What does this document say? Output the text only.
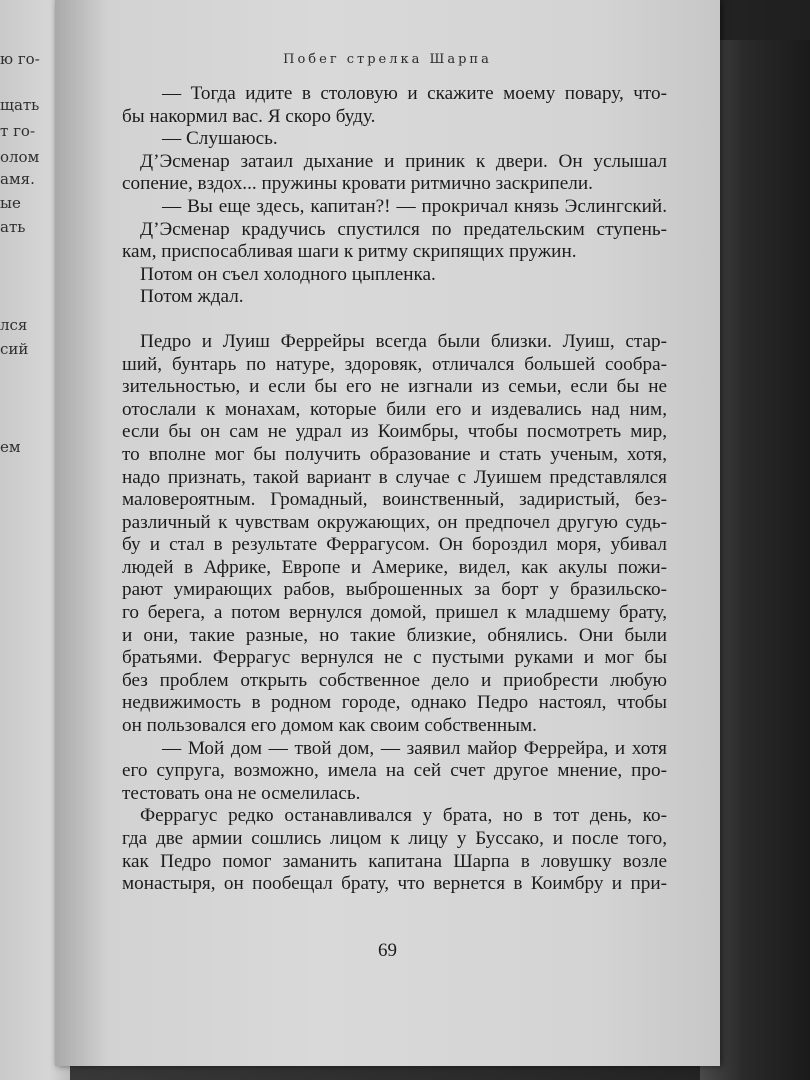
ю го-
щать
т го-
олом
амя.
ые
ать
лся
сий
ем
Побег стрелка Шарпа
— Тогда идите в столовую и скажите моему повару, что-
бы накормил вас. Я скоро буду.
— Слушаюсь.
Д’Эсменар затаил дыхание и приник к двери. Он услышал
сопение, вздох... пружины кровати ритмично заскрипели.
— Вы еще здесь, капитан?! — прокричал князь Эслингский.
Д’Эсменар крадучись спустился по предательским ступень-
кам, приспосабливая шаги к ритму скрипящих пружин.
Потом он съел холодного цыпленка.
Потом ждал.
Педро и Луиш Феррейры всегда были близки. Луиш, стар-
ший, бунтарь по натуре, здоровяк, отличался большей сообра-
зительностью, и если бы его не изгнали из семьи, если бы не
отослали к монахам, которые били его и издевались над ним,
если бы он сам не удрал из Коимбры, чтобы посмотреть мир,
то вполне мог бы получить образование и стать ученым, хотя,
надо признать, такой вариант в случае с Луишем представлялся
маловероятным. Громадный, воинственный, задиристый, без-
различный к чувствам окружающих, он предпочел другую судь-
бу и стал в результате Феррагусом. Он бороздил моря, убивал
людей в Африке, Европе и Америке, видел, как акулы пожи-
рают умирающих рабов, выброшенных за борт у бразильско-
го берега, а потом вернулся домой, пришел к младшему брату,
и они, такие разные, но такие близкие, обнялись. Они были
братьями. Феррагус вернулся не с пустыми руками и мог бы
без проблем открыть собственное дело и приобрести любую
недвижимость в родном городе, однако Педро настоял, чтобы
он пользовался его домом как своим собственным.
— Мой дом — твой дом, — заявил майор Феррейра, и хотя
его супруга, возможно, имела на сей счет другое мнение, про-
тестовать она не осмелилась.
Феррагус редко останавливался у брата, но в тот день, ко-
гда две армии сошлись лицом к лицу у Буссако, и после того,
как Педро помог заманить капитана Шарпа в ловушку возле
монастыря, он пообещал брату, что вернется в Коимбру и при-
69
